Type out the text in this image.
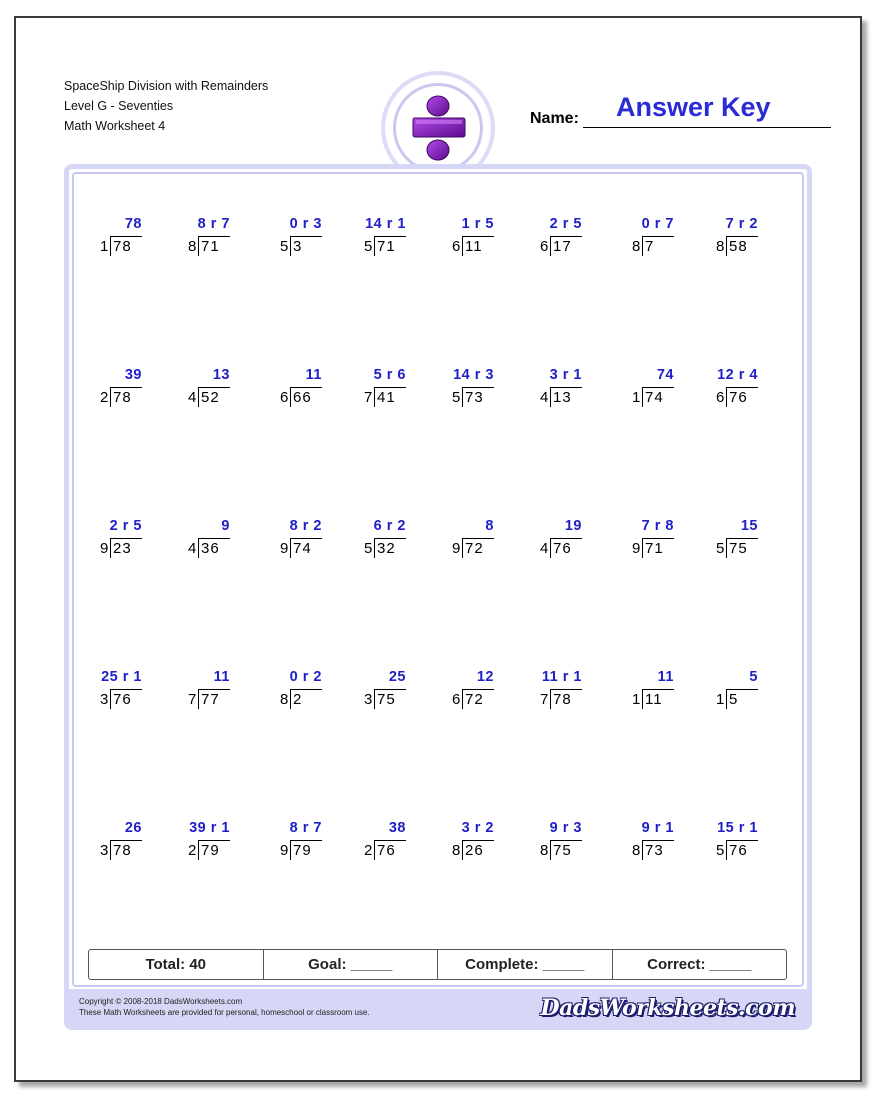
SpaceShip Division with Remainders
Level G - Seventies
Math Worksheet 4	Name: Answer Key
Copyright © 2008-2018 DadsWorksheets.com
These Math Worksheets are provided for personal, homeschool or classroom use.	DadsWorksheets.com
78
1 78
8 r 7
8 71
0 r 3
5 3
14 r 1
5 71
1 r 5
6 11
2 r 5
6 17
0 r 7
8 7
7 r 2
8 58
39
2 78
13
4 52
11
6 66
5 r 6
7 41
14 r 3
5 73
3 r 1
4 13
74
1 74
12 r 4
6 76
2 r 5
9 23
9
4 36
8 r 2
9 74
6 r 2
5 32
8
9 72
19
4 76
7 r 8
9 71
15
5 75
25 r 1
3 76
11
7 77
0 r 2
8 2
25
3 75
12
6 72
11 r 1
7 78
11
1 11
5
1 5
26
3 78
39 r 1
2 79
8 r 7
9 79
38
2 76
3 r 2
8 26
9 r 3
8 75
9 r 1
8 73
15 r 1
5 76
Total: 40	Goal: _____	Complete: _____	Correct: _____
